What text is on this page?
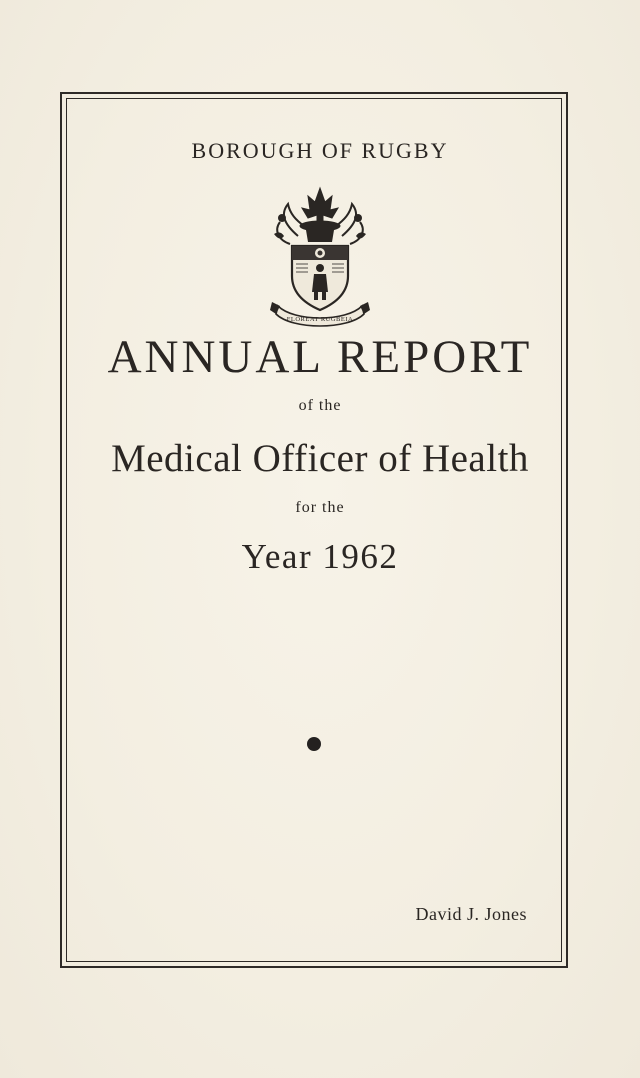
BOROUGH OF RUGBY
FLOREAT RUGBEIA
ANNUAL REPORT
of the
Medical Officer of Health
for the
Year 1962
David J. Jones
